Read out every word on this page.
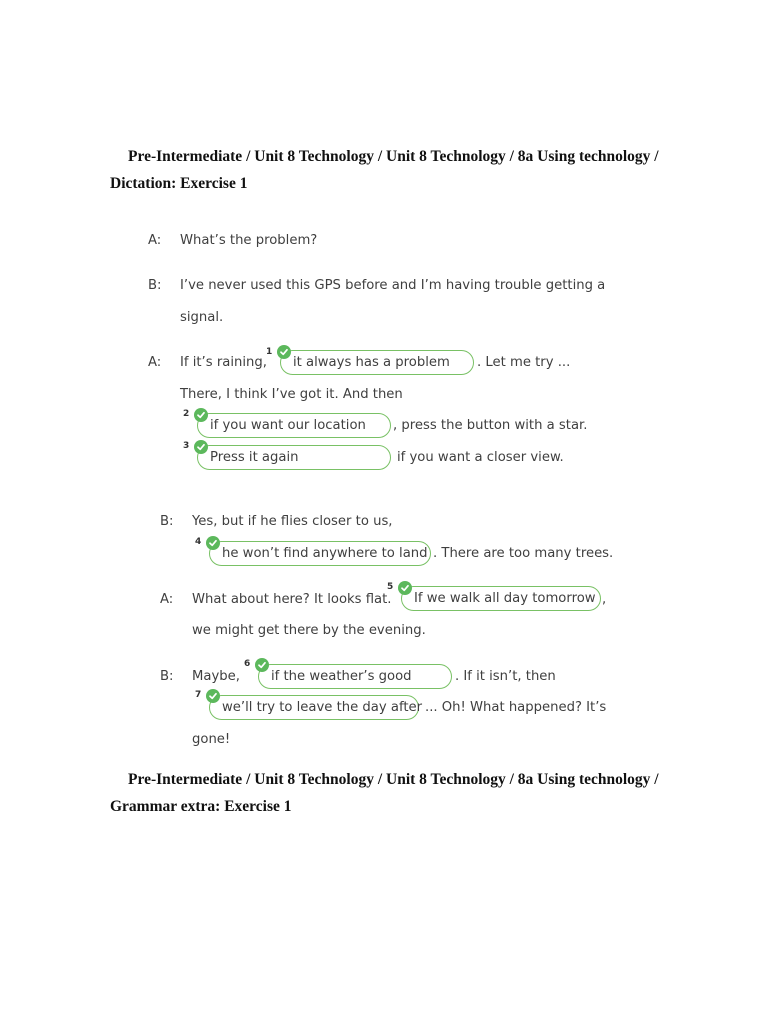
Pre-Intermediate / Unit 8 Technology / Unit 8 Technology / 8a Using technology / Dictation: Exercise 1

A: What’s the problem?
B: I’ve never used this GPS before and I’m having trouble getting a
signal.
A: If it’s raining,
1
it always has a problem	. Let me try ...
There, I think I’ve got it. And then
2
if you want our location	, press the button with a star.
3
Press it again	if you want a closer view.
B: Yes, but if he flies closer to us,
4
he won’t find anywhere to land . There are too many trees.
A: What about here? It looks flat.
5
If we walk all day tomorrow ,
we might get there by the evening.
B: Maybe,
6
if the weather’s good	. If it isn’t, then
7
we’ll try to leave the day after ... Oh! What happened? It’s
gone!

Pre-Intermediate / Unit 8 Technology / Unit 8 Technology / 8a Using technology / Grammar extra: Exercise 1
